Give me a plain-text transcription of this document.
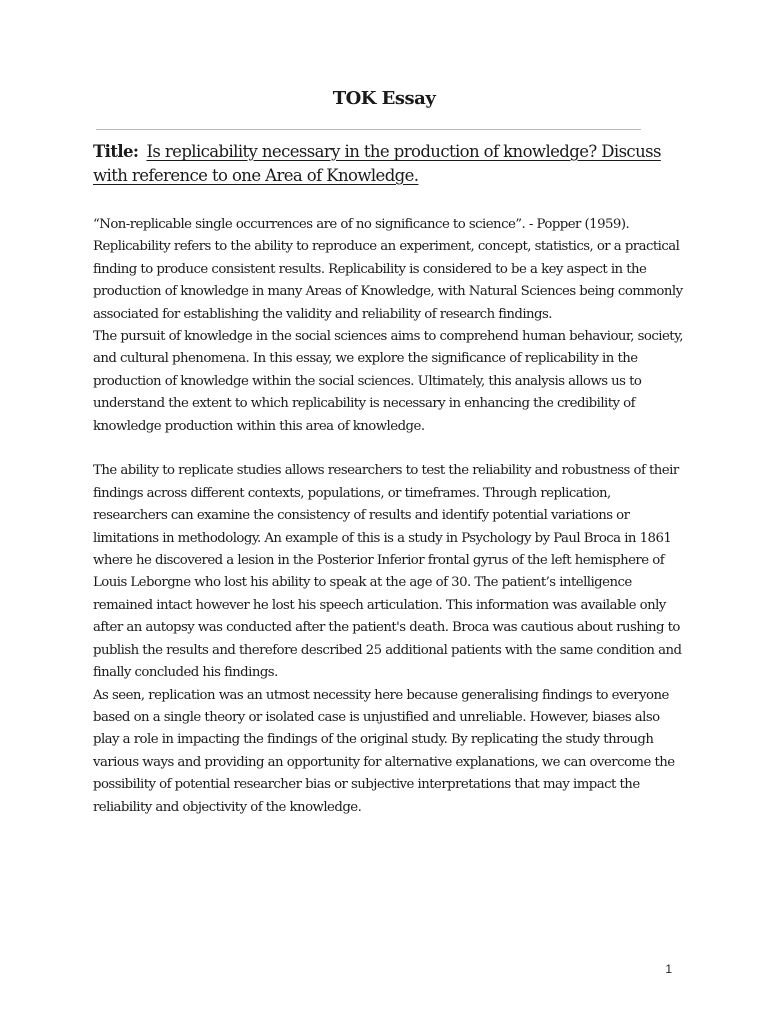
TOK Essay
Title: Is replicability necessary in the production of knowledge? Discuss with reference to one Area of Knowledge.

“Non-replicable single occurrences are of no significance to science”. - Popper (1959).

Replicability refers to the ability to reproduce an experiment, concept, statistics, or a practical finding to produce consistent results. Replicability is considered to be a key aspect in the production of knowledge in many Areas of Knowledge, with Natural Sciences being commonly associated for establishing the validity and reliability of research findings.

The pursuit of knowledge in the social sciences aims to comprehend human behaviour, society, and cultural phenomena. In this essay, we explore the significance of replicability in the production of knowledge within the social sciences. Ultimately, this analysis allows us to understand the extent to which replicability is necessary in enhancing the credibility of knowledge production within this area of knowledge.

The ability to replicate studies allows researchers to test the reliability and robustness of their findings across different contexts, populations, or timeframes. Through replication, researchers can examine the consistency of results and identify potential variations or limitations in methodology. An example of this is a study in Psychology by Paul Broca in 1861 where he discovered a lesion in the Posterior Inferior frontal gyrus of the left hemisphere of Louis Leborgne who lost his ability to speak at the age of 30. The patient’s intelligence remained intact however he lost his speech articulation. This information was available only after an autopsy was conducted after the patient's death. Broca was cautious about rushing to publish the results and therefore described 25 additional patients with the same condition and finally concluded his findings.

As seen, replication was an utmost necessity here because generalising findings to everyone based on a single theory or isolated case is unjustified and unreliable. However, biases also play a role in impacting the findings of the original study. By replicating the study through various ways and providing an opportunity for alternative explanations, we can overcome the possibility of potential researcher bias or subjective interpretations that may impact the reliability and objectivity of the knowledge.

1
